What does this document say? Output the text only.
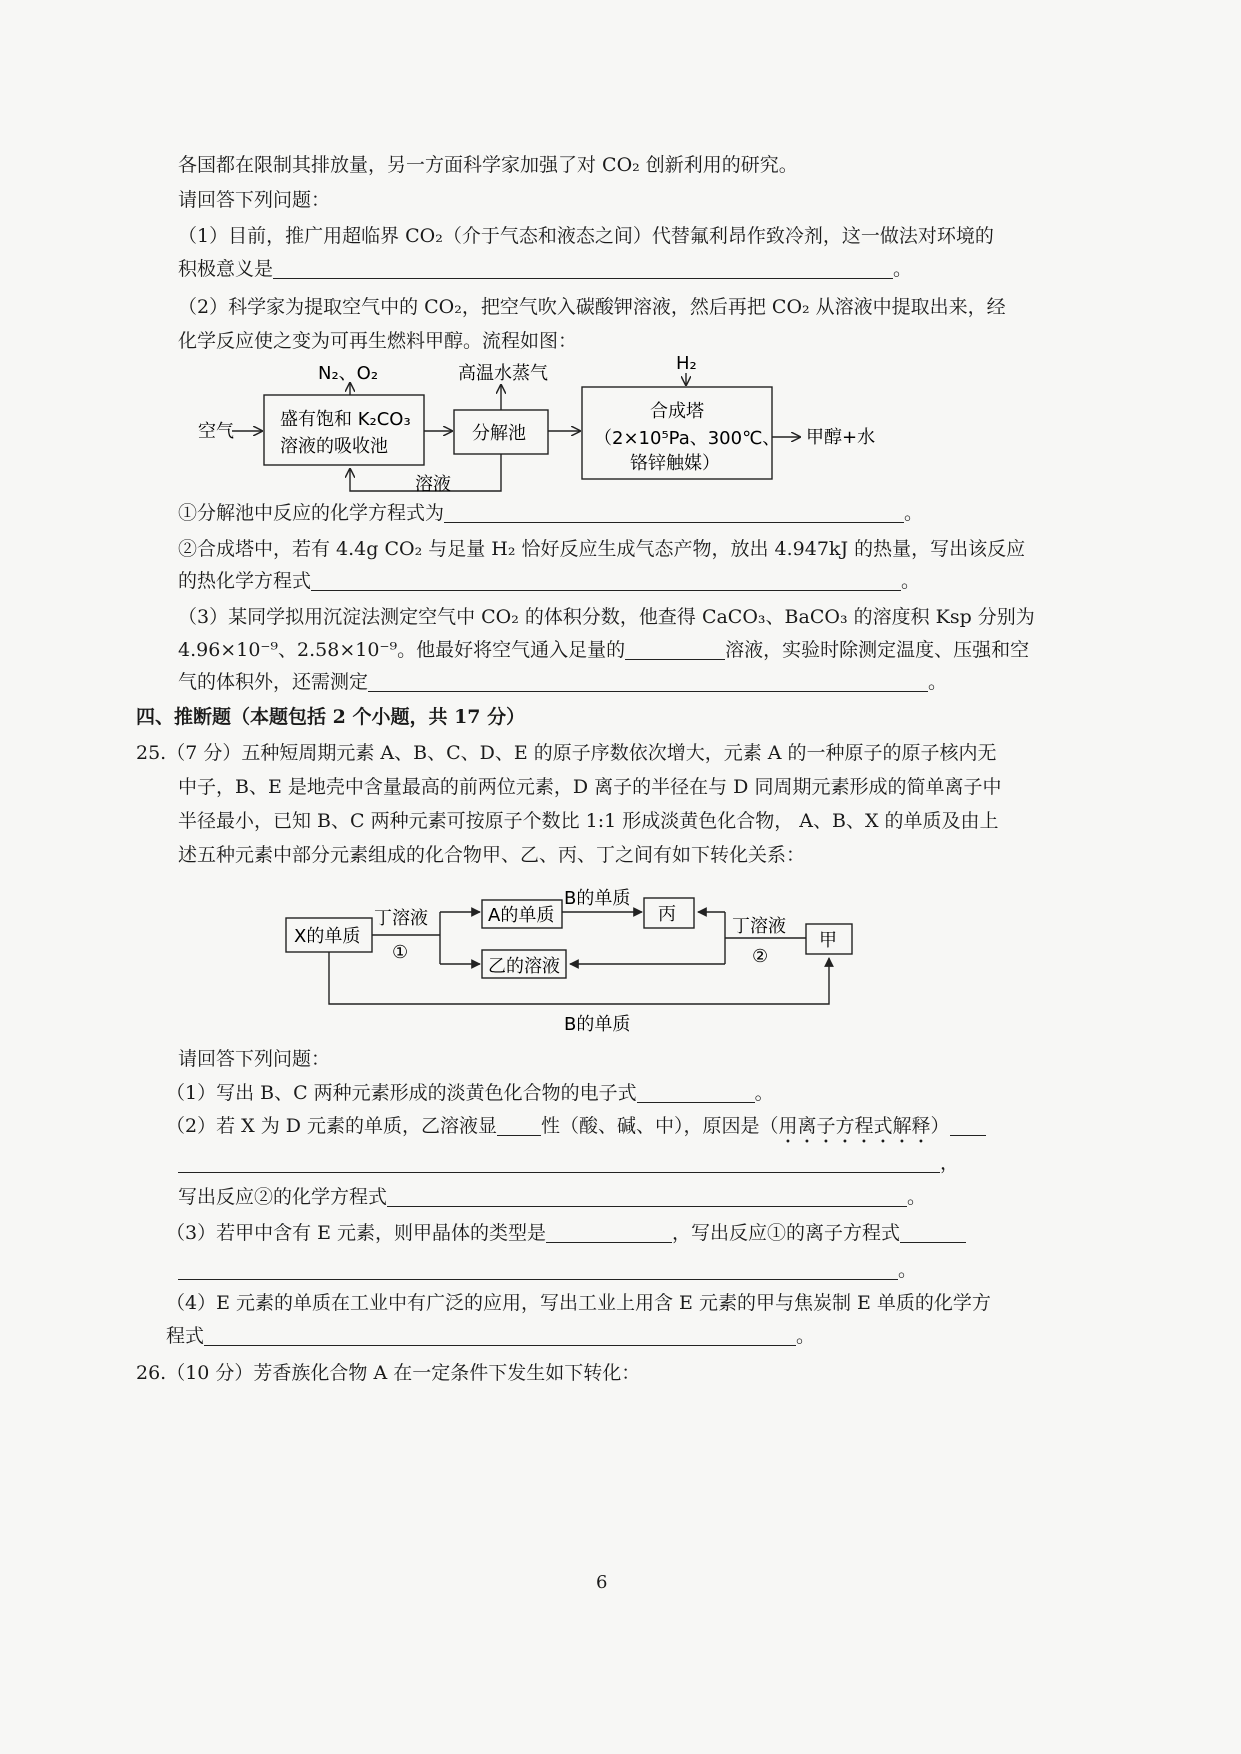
各国都在限制其排放量，另一方面科学家加强了对 CO₂ 创新利用的研究。
请回答下列问题：
（1）目前，推广用超临界 CO₂（介于气态和液态之间）代替氟利昂作致冷剂，这一做法对环境的
积极意义是	。
（2）科学家为提取空气中的 CO₂，把空气吹入碳酸钾溶液，然后再把 CO₂ 从溶液中提取出来，经
化学反应使之变为可再生燃料甲醇。流程如图：
空气
盛有饱和 K₂CO₃
溶液的吸收池
N₂、O₂
分解池
高温水蒸气
溶液
合成塔
（2×10⁵Pa、300℃、
铬锌触媒）
H₂
甲醇+水
①分解池中反应的化学方程式为	。
②合成塔中，若有 4.4g CO₂ 与足量 H₂ 恰好反应生成气态产物，放出 4.947kJ 的热量，写出该反应
的热化学方程式	。
（3）某同学拟用沉淀法测定空气中 CO₂ 的体积分数，他查得 CaCO₃、BaCO₃ 的溶度积 Ksp 分别为
4.96×10⁻⁹、2.58×10⁻⁹。他最好将空气通入足量的	溶液，实验时除测定温度、压强和空
气的体积外，还需测定	。
四、推断题（本题包括 2 个小题，共 17 分）
25.（7 分）五种短周期元素 A、B、C、D、E 的原子序数依次增大，元素 A 的一种原子的原子核内无
中子，B、E 是地壳中含量最高的前两位元素，D 离子的半径在与 D 同周期元素形成的简单离子中
半径最小，已知 B、C 两种元素可按原子个数比 1:1 形成淡黄色化合物， A、B、X 的单质及由上
述五种元素中部分元素组成的化合物甲、乙、丙、丁之间有如下转化关系：
X的单质
丁溶液
①
A的单质
乙的溶液
B的单质
丙
丁溶液
②
甲
B的单质
请回答下列问题：
（1）写出 B、C 两种元素形成的淡黄色化合物的电子式	。
（2）若 X 为 D 元素的单质，乙溶液显 性（酸、碱、中），原因是（用离子方程式解释）
，
写出反应②的化学方程式	。
（3）若甲中含有 E 元素，则甲晶体的类型是	，写出反应①的离子方程式
。
（4）E 元素的单质在工业中有广泛的应用，写出工业上用含 E 元素的甲与焦炭制 E 单质的化学方
程式	。
26.（10 分）芳香族化合物 A 在一定条件下发生如下转化：
6
